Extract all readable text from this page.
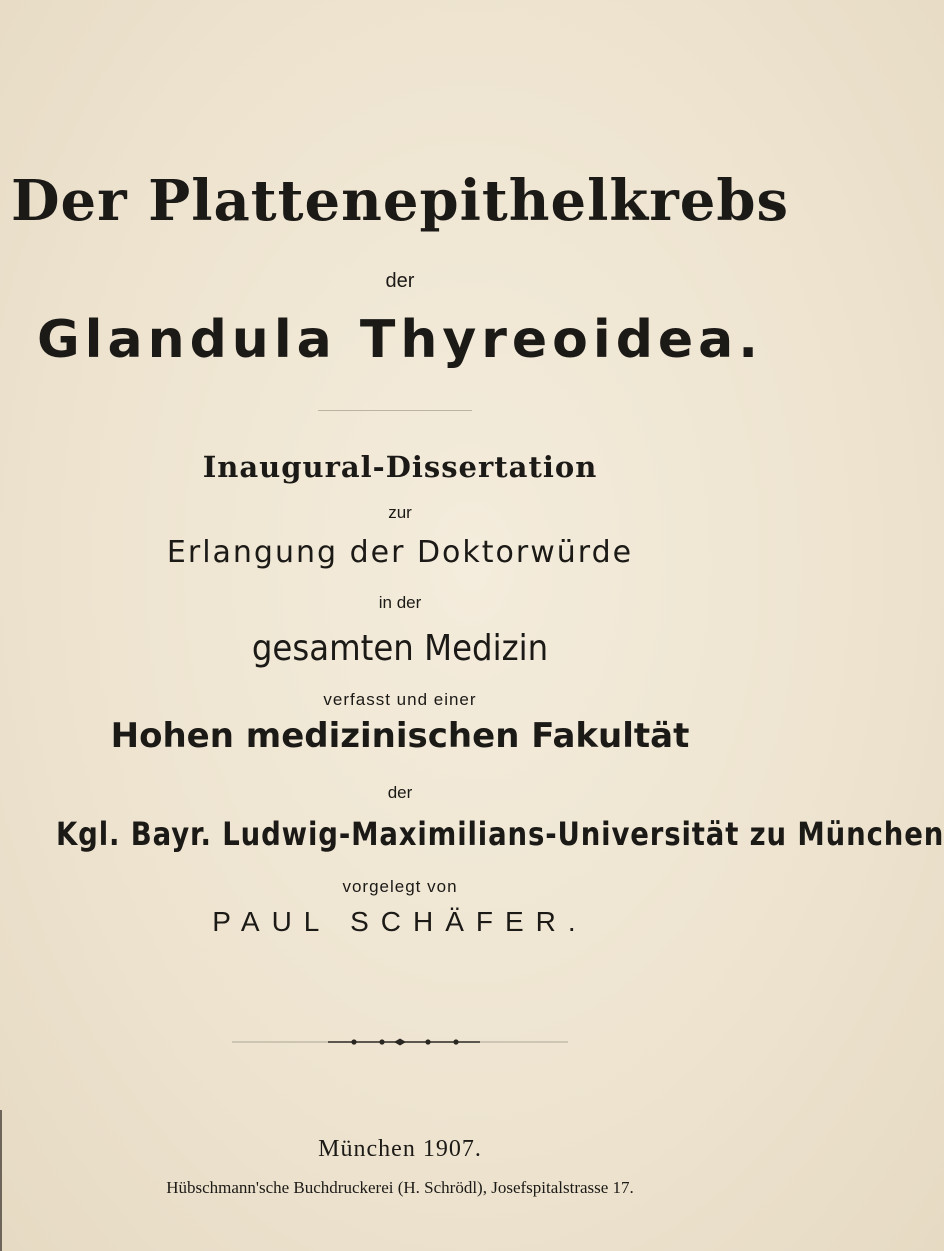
Der Plattenepithelkrebs
der
Glandula Thyreoidea.
Inaugural-Dissertation
zur
Erlangung der Doktorwürde
in der
gesamten Medizin
verfasst und einer
Hohen medizinischen Fakultät
der
Kgl. Bayr. Ludwig-Maximilians-Universität zu München
vorgelegt von
PAUL SCHÄFER.
München 1907.
Hübschmann'sche Buchdruckerei (H. Schrödl), Josefspitalstrasse 17.
